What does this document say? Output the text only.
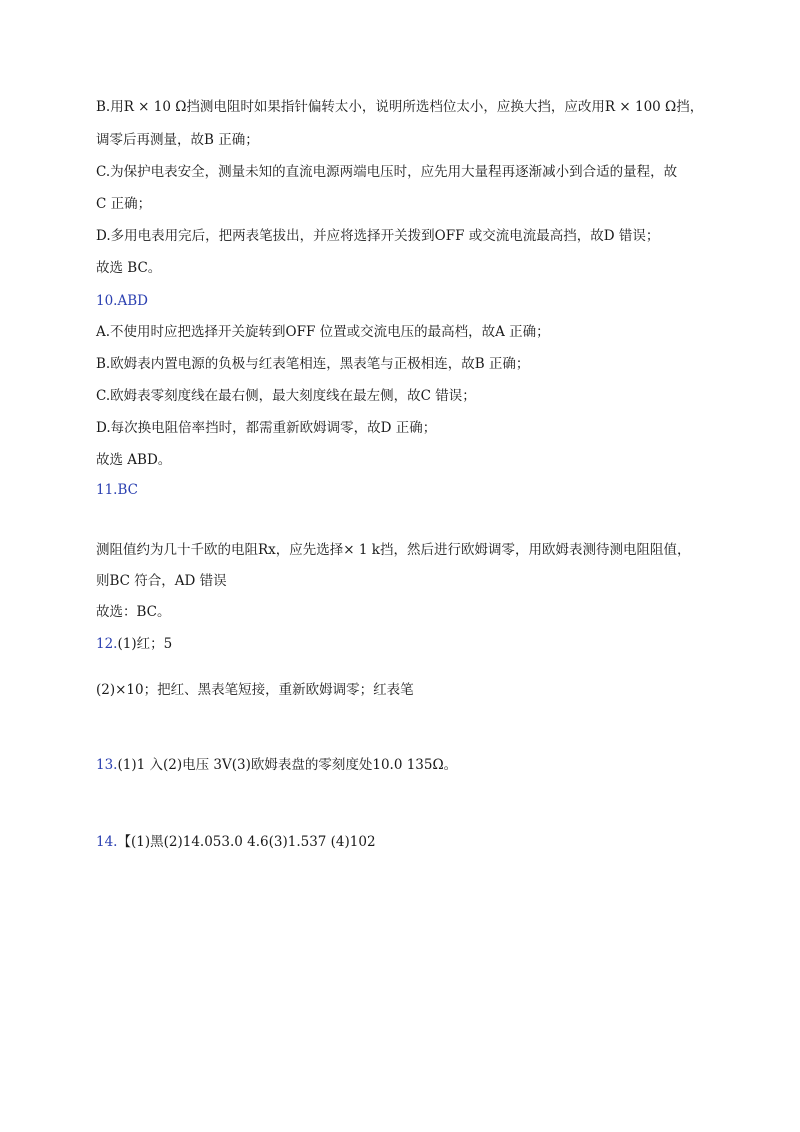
B.用R × 10 Ω挡测电阻时如果指针偏转太小，说明所选档位太小，应换大挡，应改用R × 100 Ω挡，
调零后再测量，故B 正确；
C.为保护电表安全，测量未知的直流电源两端电压时，应先用大量程再逐渐减小到合适的量程，故
C 正确；
D.多用电表用完后，把两表笔拔出，并应将选择开关拨到OFF 或交流电流最高挡，故D 错误；
故选 BC。
10.ABD
A.不使用时应把选择开关旋转到OFF 位置或交流电压的最高档，故A 正确；
B.欧姆表内置电源的负极与红表笔相连，黑表笔与正极相连，故B 正确；
C.欧姆表零刻度线在最右侧，最大刻度线在最左侧，故C 错误；
D.每次换电阻倍率挡时，都需重新欧姆调零，故D 正确；
故选 ABD。
11.BC
测阻值约为几十千欧的电阻Rx，应先选择× 1 k挡，然后进行欧姆调零，用欧姆表测待测电阻阻值，
则BC 符合，AD 错误
故选：BC。
12.(1)红；5
(2)×10；把红、黑表笔短接，重新欧姆调零；红表笔
13.(1)1 入(2)电压 3V(3)欧姆表盘的零刻度处10.0 135Ω。
14.【(1)黑(2)14.053.0 4.6(3)1.537 (4)102
